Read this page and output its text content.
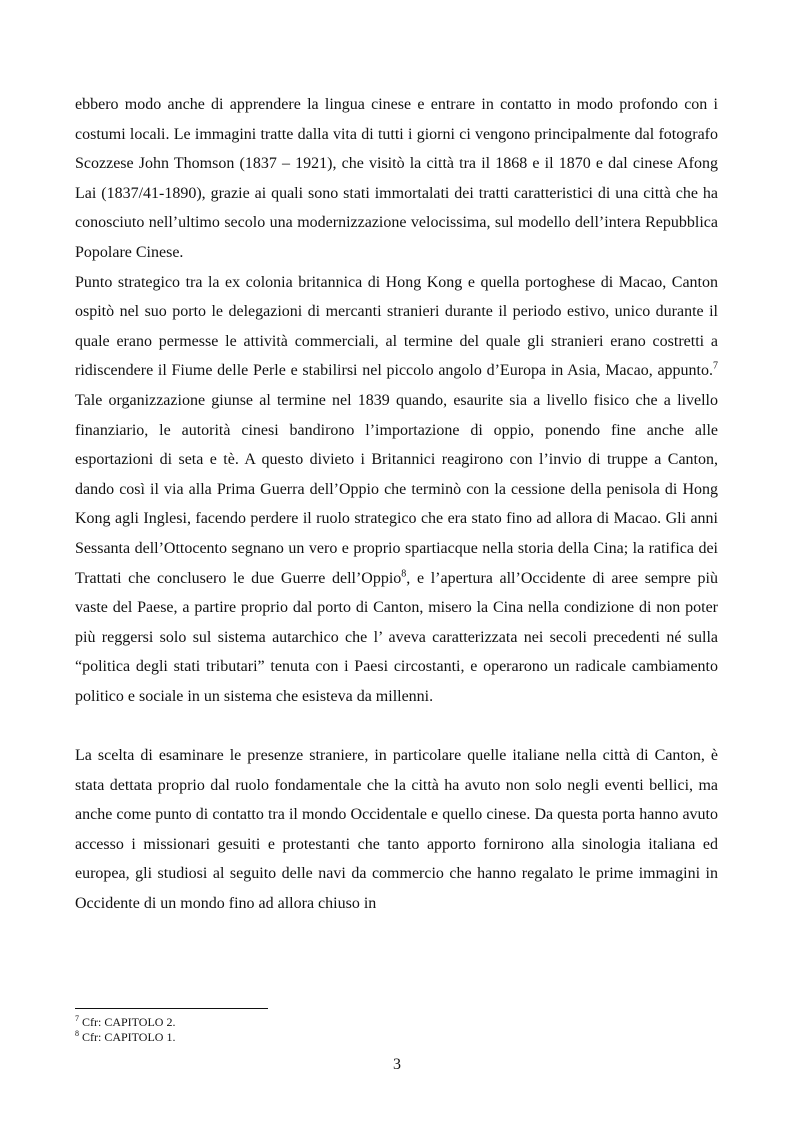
ebbero modo anche di apprendere la lingua cinese e entrare in contatto in modo profondo con i costumi locali. Le immagini tratte dalla vita di tutti i giorni ci vengono principalmente dal fotografo Scozzese John Thomson (1837 – 1921), che visitò la città tra il 1868 e il 1870 e dal cinese Afong Lai (1837/41-1890), grazie ai quali sono stati immortalati dei tratti caratteristici di una città che ha conosciuto nell’ultimo secolo una modernizzazione velocissima, sul modello dell’intera Repubblica Popolare Cinese.

Punto strategico tra la ex colonia britannica di Hong Kong e quella portoghese di Macao, Canton ospitò nel suo porto le delegazioni di mercanti stranieri durante il periodo estivo, unico durante il quale erano permesse le attività commerciali, al termine del quale gli stranieri erano costretti a ridiscendere il Fiume delle Perle e stabilirsi nel piccolo angolo d’Europa in Asia, Macao, appunto.$^7$ Tale organizzazione giunse al termine nel 1839 quando, esaurite sia a livello fisico che a livello finanziario, le autorità cinesi bandirono l’importazione di oppio, ponendo fine anche alle esportazioni di seta e tè. A questo divieto i Britannici reagirono con l’invio di truppe a Canton, dando così il via alla Prima Guerra dell’Oppio che terminò con la cessione della penisola di Hong Kong agli Inglesi, facendo perdere il ruolo strategico che era stato fino ad allora di Macao. Gli anni Sessanta dell’Ottocento segnano un vero e proprio spartiacque nella storia della Cina; la ratifica dei Trattati che conclusero le due Guerre dell’Oppio$^8$, e l’apertura all’Occidente di aree sempre più vaste del Paese, a partire proprio dal porto di Canton, misero la Cina nella condizione di non poter più reggersi solo sul sistema autarchico che l’ aveva caratterizzata nei secoli precedenti né sulla “politica degli stati tributari” tenuta con i Paesi circostanti, e operarono un radicale cambiamento politico e sociale in un sistema che esisteva da millenni.

La scelta di esaminare le presenze straniere, in particolare quelle italiane nella città di Canton, è stata dettata proprio dal ruolo fondamentale che la città ha avuto non solo negli eventi bellici, ma anche come punto di contatto tra il mondo Occidentale e quello cinese. Da questa porta hanno avuto accesso i missionari gesuiti e protestanti che tanto apporto fornirono alla sinologia italiana ed europea, gli studiosi al seguito delle navi da commercio che hanno regalato le prime immagini in Occidente di un mondo fino ad allora chiuso in

$^7$ Cfr: CAPITOLO 2.
$^8$ Cfr: CAPITOLO 1.
3
